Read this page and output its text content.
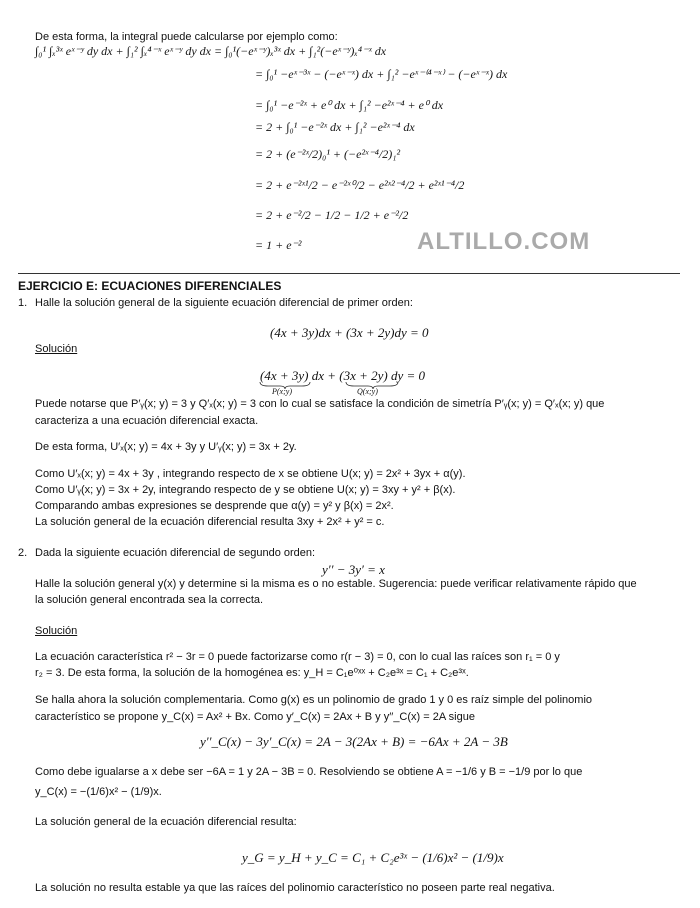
De esta forma, la integral puede calcularse por ejemplo como:
∫₀¹ ∫ₓ³ˣ eˣ⁻ʸ dy dx + ∫₁² ∫ₓ⁴⁻ˣ eˣ⁻ʸ dy dx = ∫₀¹(−eˣ⁻ʸ)ₓ³ˣ dx + ∫₁²(−eˣ⁻ʸ)ₓ⁴⁻ˣ dx
= ∫₀¹ −eˣ⁻³ˣ − (−eˣ⁻ˣ) dx + ∫₁² −eˣ⁻⁽⁴⁻ˣ⁾ − (−eˣ⁻ˣ) dx
= ∫₀¹ −e⁻²ˣ + e⁰ dx + ∫₁² −e²ˣ⁻⁴ + e⁰ dx
= 2 + ∫₀¹ −e⁻²ˣ dx + ∫₁² −e²ˣ⁻⁴ dx
= 2 + (e⁻²ˣ/2)₀¹ + (−e²ˣ⁻⁴/2)₁²
= 2 + e⁻²ˣ¹/2 − e⁻²ˣ⁰/2 − e²ˣ²⁻⁴/2 + e²ˣ¹⁻⁴/2
= 2 + e⁻²/2 − 1/2 − 1/2 + e⁻²/2
= 1 + e⁻²	ALTILLO.COM
EJERCICIO E: ECUACIONES DIFERENCIALES
1. Halle la solución general de la siguiente ecuación diferencial de primer orden:
(4x + 3y)dx + (3x + 2y)dy = 0
Solución
(4x + 3y) dx + (3x + 2y) dy = 0
P(x;y)	Q(x;y)
Puede notarse que P′ᵧ(x; y) = 3 y Q′ₓ(x; y) = 3 con lo cual se satisface la condición de simetría P′ᵧ(x; y) = Q′ₓ(x; y) que
caracteriza a una ecuación diferencial exacta.
De esta forma, U′ₓ(x; y) = 4x + 3y y U′ᵧ(x; y) = 3x + 2y.
Como U′ₓ(x; y) = 4x + 3y , integrando respecto de x se obtiene U(x; y) = 2x² + 3yx + α(y).
Como U′ᵧ(x; y) = 3x + 2y, integrando respecto de y se obtiene U(x; y) = 3xy + y² + β(x).
Comparando ambas expresiones se desprende que α(y) = y² y β(x) = 2x².
La solución general de la ecuación diferencial resulta 3xy + 2x² + y² = c.
2. Dada la siguiente ecuación diferencial de segundo orden:
y′′ − 3y′ = x
Halle la solución general y(x) y determine si la misma es o no estable. Sugerencia: puede verificar relativamente rápido que
la solución general encontrada sea la correcta.
Solución
La ecuación característica r² − 3r = 0 puede factorizarse como r(r − 3) = 0, con lo cual las raíces son r₁ = 0 y
r₂ = 3. De esta forma, la solución de la homogénea es: y_H = C₁e⁰ˣˣ + C₂e³ˣ = C₁ + C₂e³ˣ.
Se halla ahora la solución complementaria. Como g(x) es un polinomio de grado 1 y 0 es raíz simple del polinomio
característico se propone y_C(x) = Ax² + Bx. Como y′_C(x) = 2Ax + B y y′′_C(x) = 2A sigue
y′′_C(x) − 3y′_C(x) = 2A − 3(2Ax + B) = −6Ax + 2A − 3B
Como debe igualarse a x debe ser −6A = 1 y 2A − 3B = 0. Resolviendo se obtiene A = −1/6 y B = −1/9 por lo que
y_C(x) = −(1/6)x² − (1/9)x.
La solución general de la ecuación diferencial resulta:
y_G = y_H + y_C = C₁ + C₂e³ˣ − (1/6)x² − (1/9)x
La solución no resulta estable ya que las raíces del polinomio característico no poseen parte real negativa.
